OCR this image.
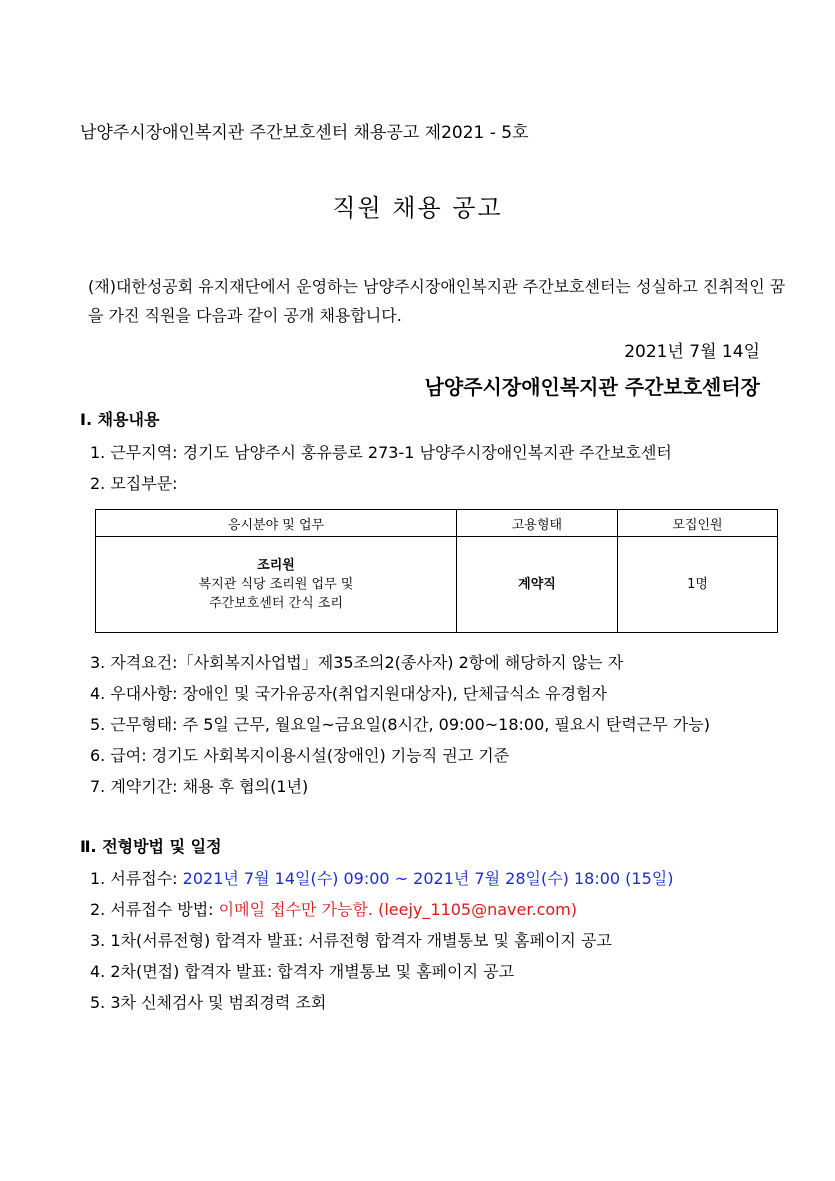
남양주시장애인복지관 주간보호센터 채용공고 제2021 - 5호
직원 채용 공고
(재)대한성공회 유지재단에서 운영하는 남양주시장애인복지관 주간보호센터는 성실하고 진취적인 꿈을 가진 직원을 다음과 같이 공개 채용합니다.
2021년 7월 14일
남양주시장애인복지관 주간보호센터장
Ⅰ. 채용내용
1. 근무지역: 경기도 남양주시 홍유릉로 273-1 남양주시장애인복지관 주간보호센터
2. 모집부문:
응시분야 및 업무	고용형태	모집인원

조리원
복지관 식당 조리원 업무 및
주간보호센터 간식 조리	계약직	1명
3. 자격요건:「사회복지사업법」제35조의2(종사자) 2항에 해당하지 않는 자
4. 우대사항: 장애인 및 국가유공자(취업지원대상자), 단체급식소 유경험자
5. 근무형태: 주 5일 근무, 월요일~금요일(8시간, 09:00~18:00, 필요시 탄력근무 가능)
6. 급여: 경기도 사회복지이용시설(장애인) 기능직 권고 기준
7. 계약기간: 채용 후 협의(1년)
Ⅱ. 전형방법 및 일정
1. 서류접수: 2021년 7월 14일(수) 09:00 ~ 2021년 7월 28일(수) 18:00 (15일)
2. 서류접수 방법: 이메일 접수만 가능함. (leejy_1105@naver.com)
3. 1차(서류전형) 합격자 발표: 서류전형 합격자 개별통보 및 홈페이지 공고
4. 2차(면접) 합격자 발표: 합격자 개별통보 및 홈페이지 공고
5. 3차 신체검사 및 범죄경력 조회
